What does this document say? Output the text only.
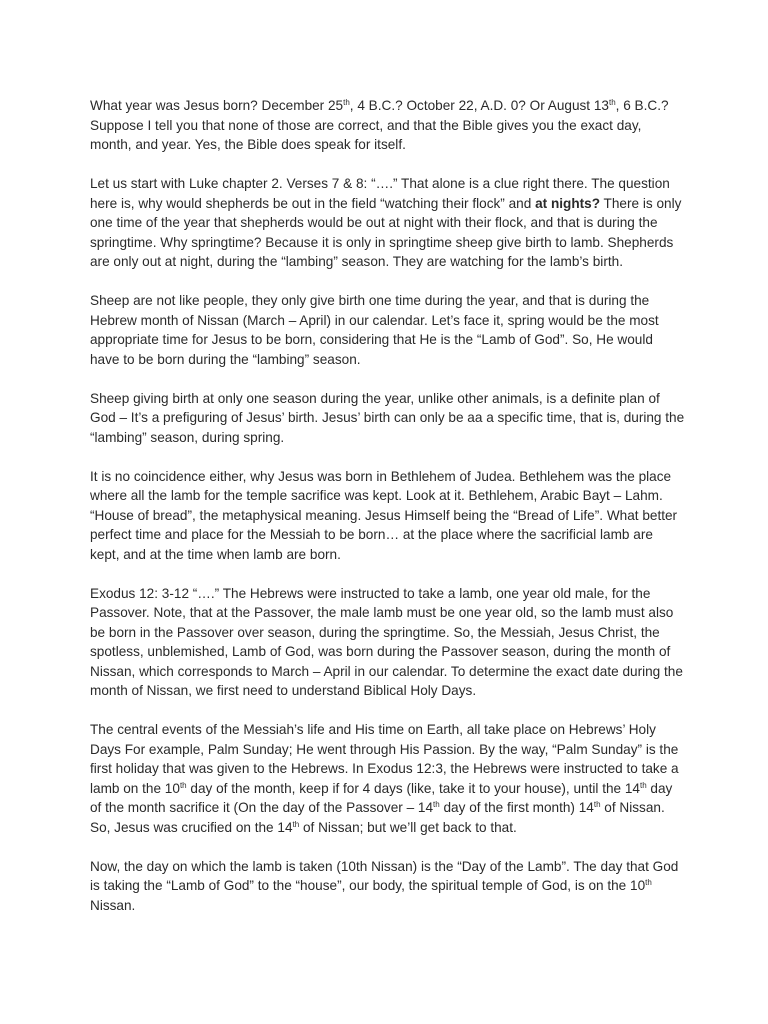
What year was Jesus born? December 25th, 4 B.C.? October 22, A.D. 0? Or August 13th, 6 B.C.? Suppose I tell you that none of those are correct, and that the Bible gives you the exact day, month, and year. Yes, the Bible does speak for itself.

Let us start with Luke chapter 2. Verses 7 & 8: “….” That alone is a clue right there. The question here is, why would shepherds be out in the field “watching their flock” and at nights? There is only one time of the year that shepherds would be out at night with their flock, and that is during the springtime. Why springtime? Because it is only in springtime sheep give birth to lamb. Shepherds are only out at night, during the “lambing” season. They are watching for the lamb’s birth.

Sheep are not like people, they only give birth one time during the year, and that is during the Hebrew month of Nissan (March – April) in our calendar. Let’s face it, spring would be the most appropriate time for Jesus to be born, considering that He is the “Lamb of God”. So, He would have to be born during the “lambing” season.

Sheep giving birth at only one season during the year, unlike other animals, is a definite plan of God – It’s a prefiguring of Jesus’ birth. Jesus’ birth can only be aa a specific time, that is, during the “lambing” season, during spring.

It is no coincidence either, why Jesus was born in Bethlehem of Judea. Bethlehem was the place where all the lamb for the temple sacrifice was kept. Look at it. Bethlehem, Arabic Bayt – Lahm. “House of bread”, the metaphysical meaning. Jesus Himself being the “Bread of Life”. What better perfect time and place for the Messiah to be born… at the place where the sacrificial lamb are kept, and at the time when lamb are born.

Exodus 12: 3-12 “….” The Hebrews were instructed to take a lamb, one year old male, for the Passover. Note, that at the Passover, the male lamb must be one year old, so the lamb must also be born in the Passover over season, during the springtime. So, the Messiah, Jesus Christ, the spotless, unblemished, Lamb of God, was born during the Passover season, during the month of Nissan, which corresponds to March – April in our calendar. To determine the exact date during the month of Nissan, we first need to understand Biblical Holy Days.

The central events of the Messiah’s life and His time on Earth, all take place on Hebrews’ Holy Days For example, Palm Sunday; He went through His Passion. By the way, “Palm Sunday” is the first holiday that was given to the Hebrews. In Exodus 12:3, the Hebrews were instructed to take a lamb on the 10th day of the month, keep if for 4 days (like, take it to your house), until the 14th day of the month sacrifice it (On the day of the Passover – 14th day of the first month) 14th of Nissan. So, Jesus was crucified on the 14th of Nissan; but we’ll get back to that.

Now, the day on which the lamb is taken (10th Nissan) is the “Day of the Lamb”. The day that God is taking the “Lamb of God” to the “house”, our body, the spiritual temple of God, is on the 10th Nissan.
